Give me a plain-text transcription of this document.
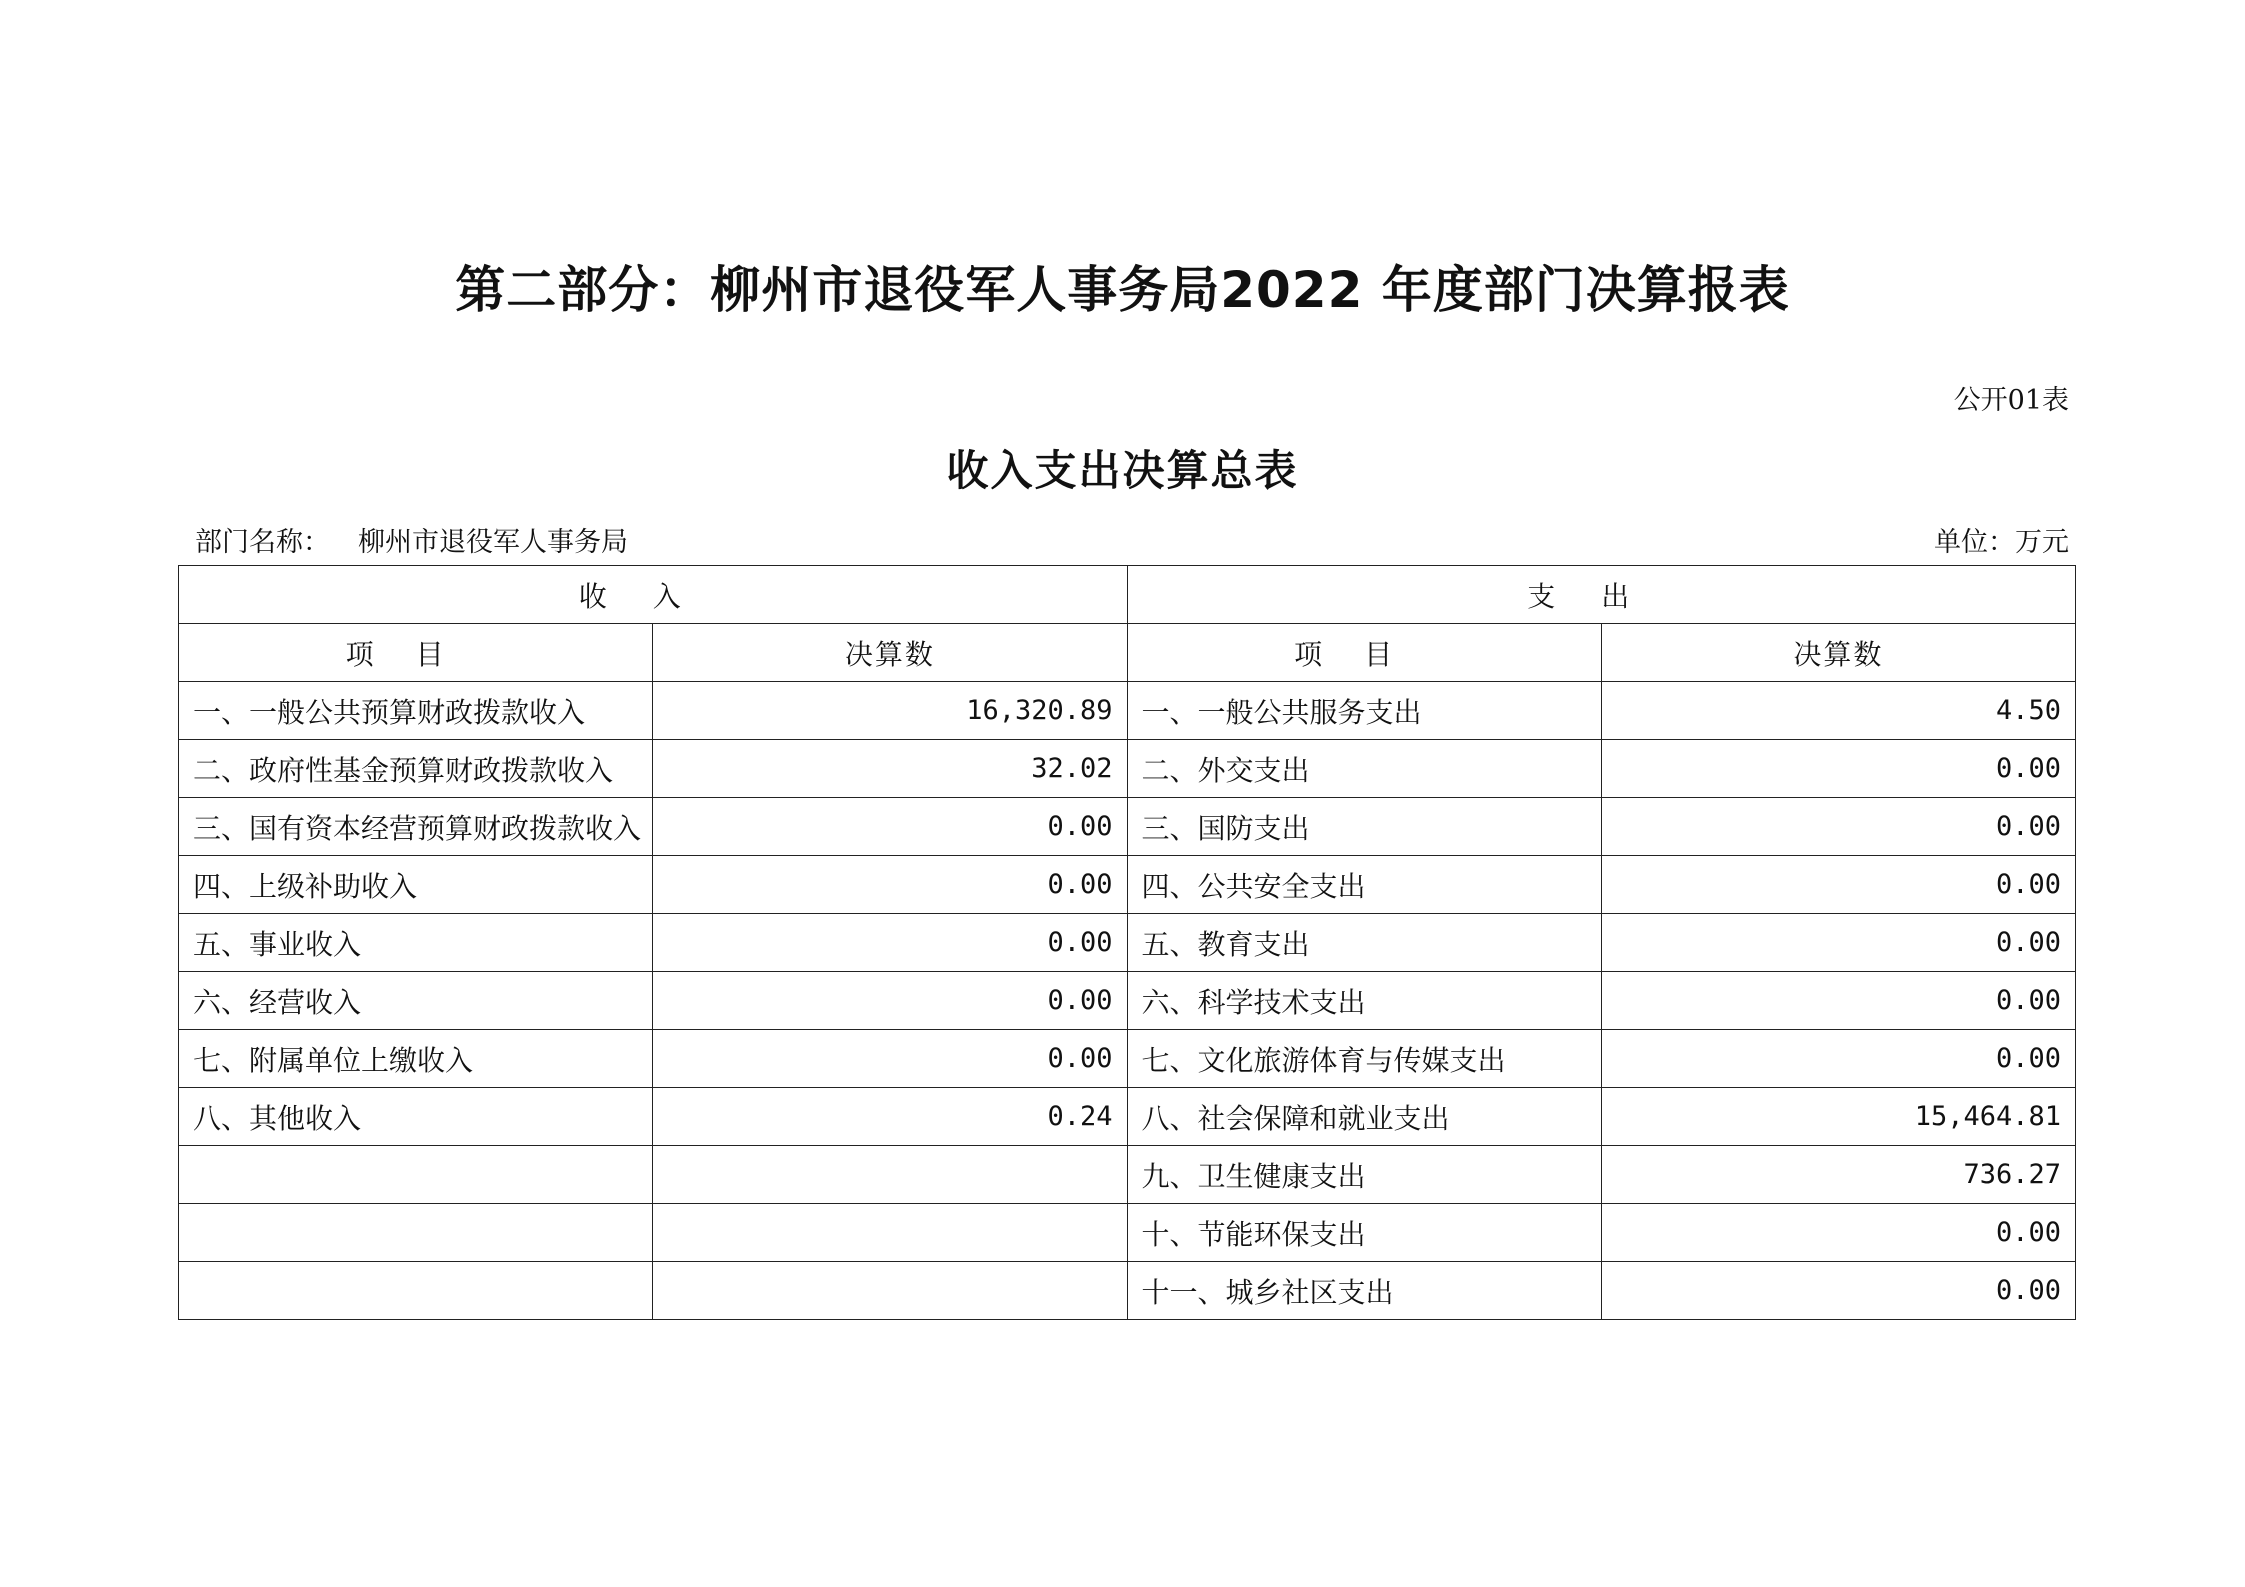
第二部分：柳州市退役军人事务局2022 年度部门决算报表
公开01表
收入支出决算总表
部门名称： 柳州市退役军人事务局	单位：万元
收入		支出	
项目	决算数	项目	决算数
一、一般公共预算财政拨款收入	16,320.89	一、一般公共服务支出	4.50
二、政府性基金预算财政拨款收入	32.02	二、外交支出	0.00
三、国有资本经营预算财政拨款收入	0.00	三、国防支出	0.00
四、上级补助收入	0.00	四、公共安全支出	0.00
五、事业收入	0.00	五、教育支出	0.00
六、经营收入	0.00	六、科学技术支出	0.00
七、附属单位上缴收入	0.00	七、文化旅游体育与传媒支出	0.00
八、其他收入	0.24	八、社会保障和就业支出	15,464.81
		九、卫生健康支出	736.27
		十、节能环保支出	0.00
		十一、城乡社区支出	0.00
